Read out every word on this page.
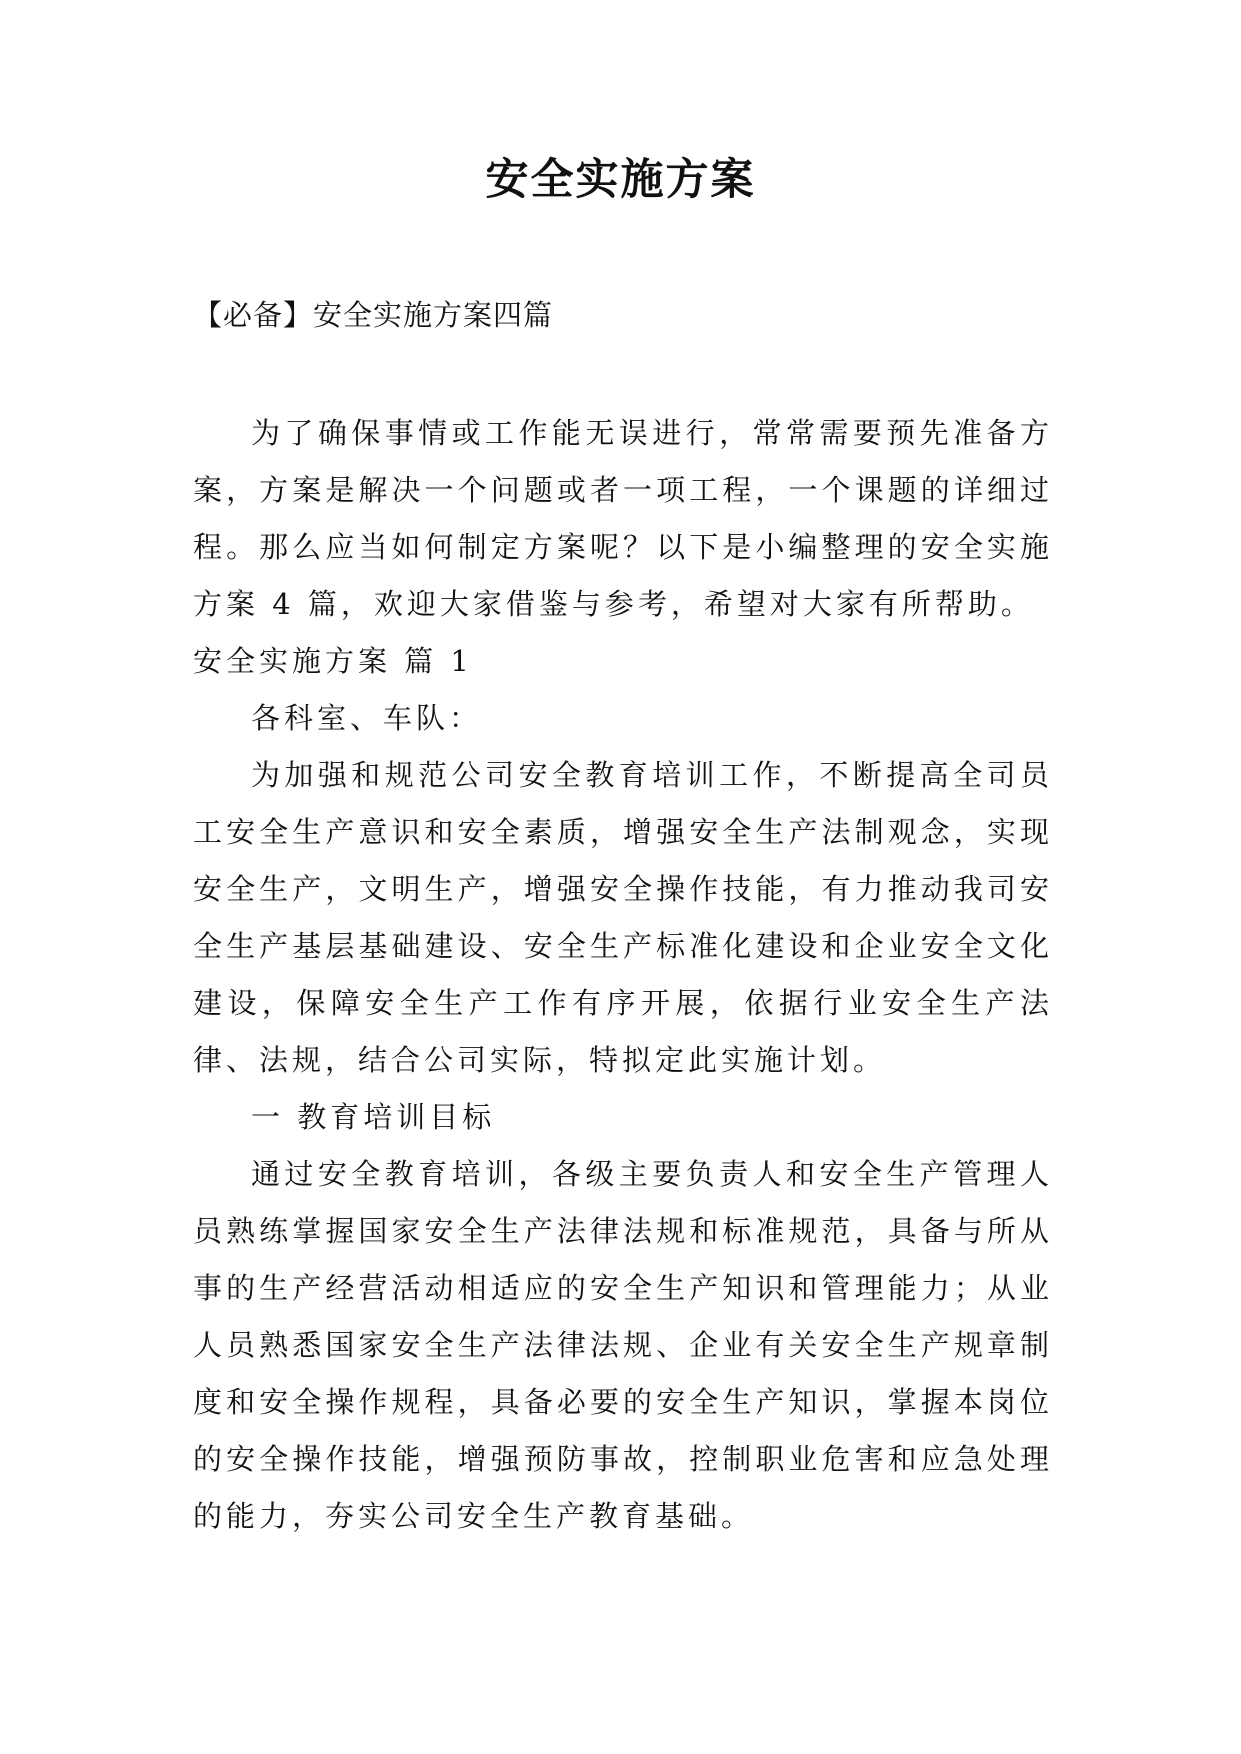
安全实施方案
【必备】安全实施方案四篇

为了确保事情或工作能无误进行，常常需要预先准备方案，方案是解决一个问题或者一项工程，一个课题的详细过程。那么应当如何制定方案呢？以下是小编整理的安全实施方案 4 篇，欢迎大家借鉴与参考，希望对大家有所帮助。

安全实施方案 篇 1

各科室、车队：

为加强和规范公司安全教育培训工作，不断提高全司员工安全生产意识和安全素质，增强安全生产法制观念，实现安全生产，文明生产，增强安全操作技能，有力推动我司安全生产基层基础建设、安全生产标准化建设和企业安全文化建设，保障安全生产工作有序开展，依据行业安全生产法律、法规，结合公司实际，特拟定此实施计划。

一 教育培训目标

通过安全教育培训，各级主要负责人和安全生产管理人员熟练掌握国家安全生产法律法规和标准规范，具备与所从事的生产经营活动相适应的安全生产知识和管理能力；从业人员熟悉国家安全生产法律法规、企业有关安全生产规章制度和安全操作规程，具备必要的安全生产知识，掌握本岗位的安全操作技能，增强预防事故，控制职业危害和应急处理的能力，夯实公司安全生产教育基础。
